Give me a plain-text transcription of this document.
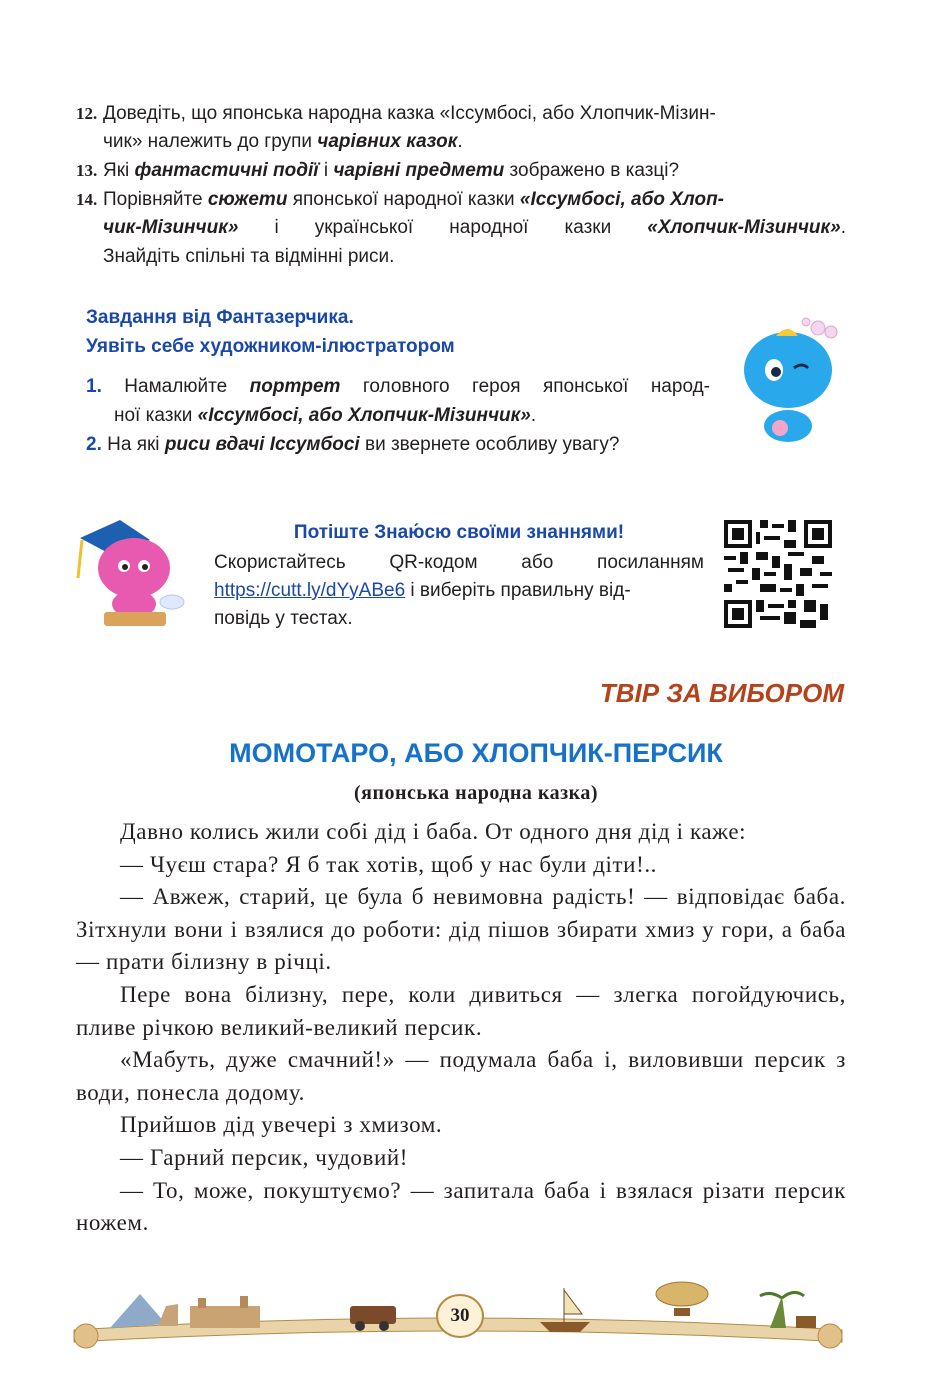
12. Доведіть, що японська народна казка «Іссумбосі, або Хлопчик-Мізин-
чик» належить до групи чарівних казок.
13. Які фантастичні події і чарівні предмети зображено в казці?
14. Порівняйте сюжети японської народної казки «Іссумбосі, або Хлоп-
чик-Мізинчик» і української народної казки «Хлопчик-Мізинчик».
Знайдіть спільні та відмінні риси.
Завдання від Фантазерчика.
Уявіть себе художником-ілюстратором
1. Намалюйте портрет головного героя японської народ-
ної казки «Іссумбосі, або Хлопчик-Мізинчик».
2. На які риси вдачі Іссумбосі ви звернете особливу увагу?
Потіште Знаю́сю своїми знаннями!
Скористайтесь QR-кодом або посиланням
https://cutt.ly/dYyABe6 і виберіть правильну від-
повідь у тестах.
ТВІР ЗА ВИБОРОМ
МОМОТАРО, АБО ХЛОПЧИК-ПЕРСИК
(японська народна казка)

Давно колись жили собі дід і баба. От одного дня дід і каже:

— Чуєш стара? Я б так хотів, щоб у нас були діти!..

— Авжеж, старий, це була б невимовна радість! — відповідає баба. Зітхнули вони і взялися до роботи: дід пішов збирати хмиз у гори, а баба — прати білизну в річці.

Пере вона білизну, пере, коли дивиться — злегка погойдуючись, пливе річкою великий-великий персик.

«Мабуть, дуже смачний!» — подумала баба і, виловивши персик з води, понесла додому.

Прийшов дід увечері з хмизом.

— Гарний персик, чудовий!

— То, може, покуштуємо? — запитала баба і взялася різати персик ножем.

30
